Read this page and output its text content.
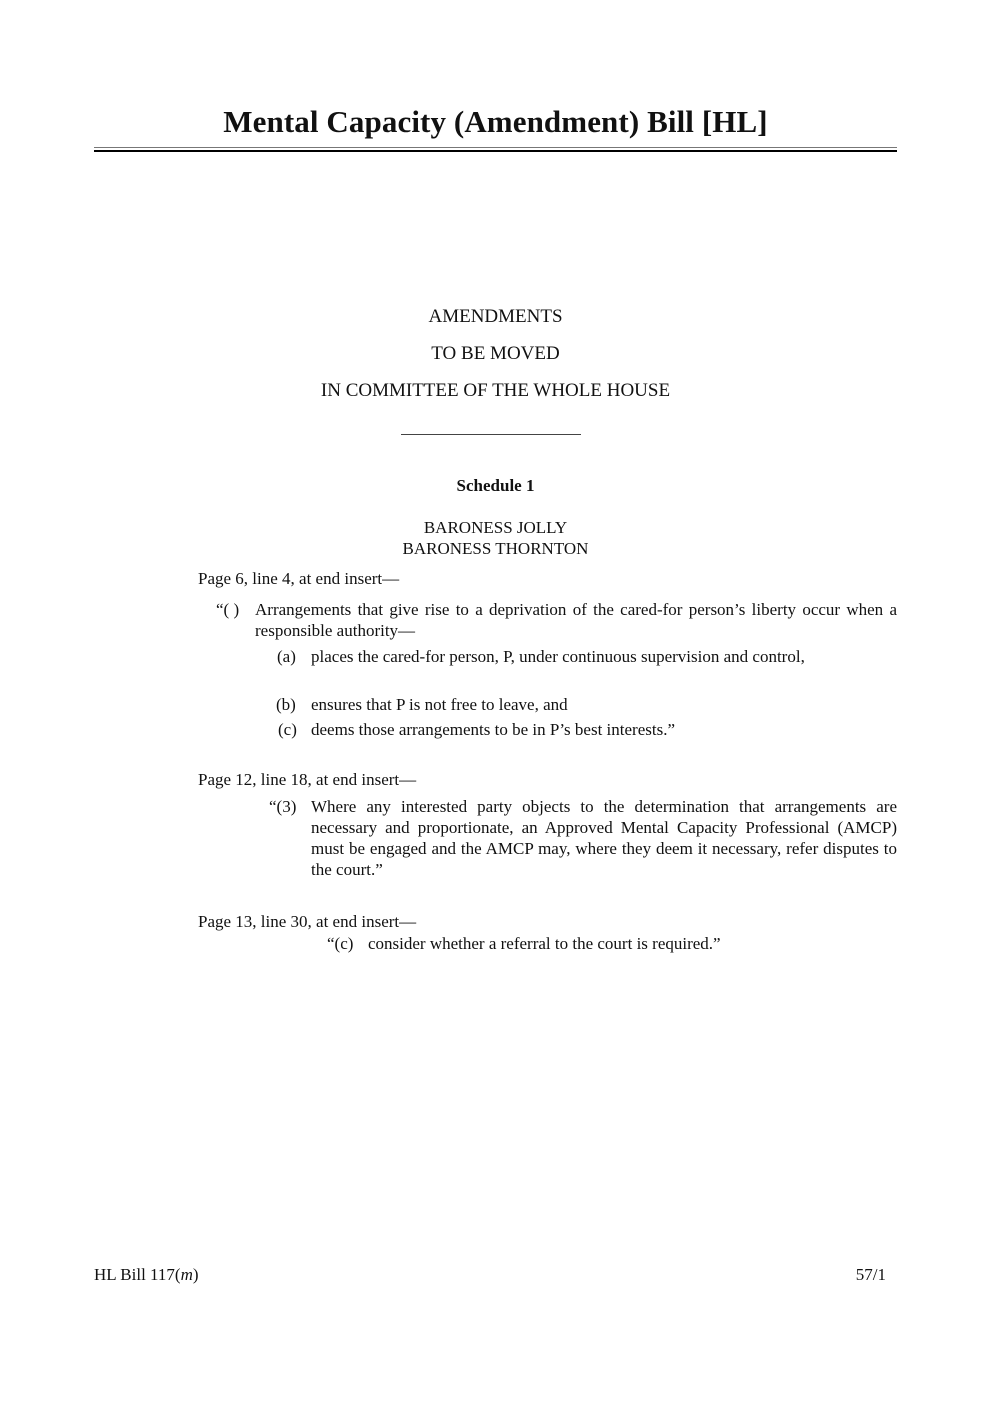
Mental Capacity (Amendment) Bill [HL]
AMENDMENTS
TO BE MOVED
IN COMMITTEE OF THE WHOLE HOUSE
Schedule 1
BARONESS JOLLY
BARONESS THORNTON
Page 6, line 4, at end insert—
“( ) Arrangements that give rise to a deprivation of the cared-for person’s liberty occur when a responsible authority—
(a) places the cared-for person, P, under continuous supervision and control,
(b) ensures that P is not free to leave, and
(c) deems those arrangements to be in P’s best interests.”
Page 12, line 18, at end insert—
“(3) Where any interested party objects to the determination that arrangements are necessary and proportionate, an Approved Mental Capacity Professional (AMCP) must be engaged and the AMCP may, where they deem it necessary, refer disputes to the court.”
Page 13, line 30, at end insert—
“(c) consider whether a referral to the court is required.”
HL Bill 117(m)	57/1
